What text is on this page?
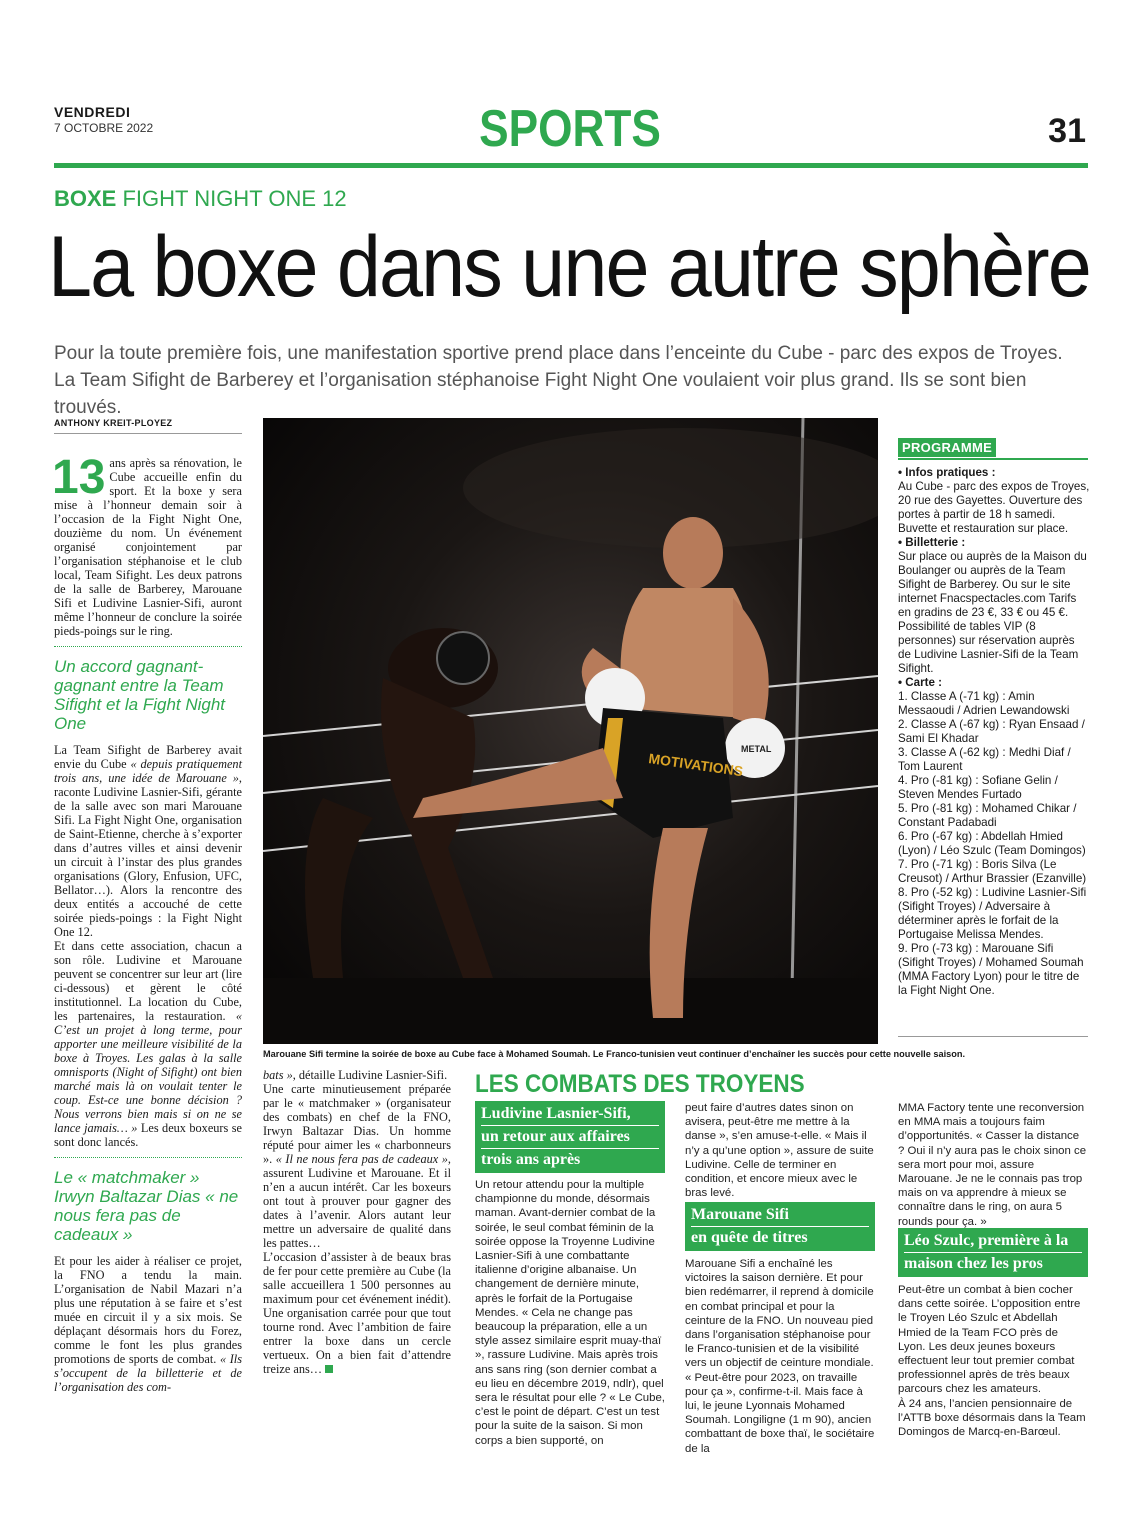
VENDREDI
7 OCTOBRE 2022	SPORTS	31
BOXE FIGHT NIGHT ONE 12
La boxe dans une autre sphère
Pour la toute première fois, une manifestation sportive prend place dans l’enceinte du Cube - parc des expos de Troyes.
La Team Sifight de Barberey et l’organisation stéphanoise Fight Night One voulaient voir plus grand. Ils se sont bien trouvés.
ANTHONY KREIT-PLOYEZ

13 ans après sa rénovation, le Cube accueille enfin du sport. Et la boxe y sera mise à l’honneur demain soir à l’occasion de la Fight Night One, douzième du nom. Un événement organisé conjointement par l’organisation stéphanoise et le club local, Team Sifight. Les deux patrons de la salle de Barberey, Marouane Sifi et Ludivine Lasnier-Sifi, auront même l’honneur de conclure la soirée pieds-poings sur le ring.

Un accord gagnant-gagnant entre la Team Sifight et la Fight Night One

La Team Sifight de Barberey avait envie du Cube « depuis pratiquement trois ans, une idée de Marouane », raconte Ludivine Lasnier-Sifi, gérante de la salle avec son mari Marouane Sifi. La Fight Night One, organisation de Saint-Etienne, cherche à s’exporter dans d’autres villes et ainsi devenir un circuit à l’instar des plus grandes organisations (Glory, Enfusion, UFC, Bellator…). Alors la rencontre des deux entités a accouché de cette soirée pieds-poings : la Fight Night One 12.

Et dans cette association, chacun a son rôle. Ludivine et Marouane peuvent se concentrer sur leur art (lire ci-dessous) et gèrent le côté institutionnel. La location du Cube, les partenaires, la restauration. « C’est un projet à long terme, pour apporter une meilleure visibilité de la boxe à Troyes. Les galas à la salle omnisports (Night of Sifight) ont bien marché mais là on voulait tenter le coup. Est-ce une bonne décision ? Nous verrons bien mais si on ne se lance jamais… » Les deux boxeurs se sont donc lancés.

Le « matchmaker » Irwyn Baltazar Dias « ne nous fera pas de cadeaux »

Et pour les aider à réaliser ce projet, la FNO a tendu la main. L’organisation de Nabil Mazari n’a plus une réputation à se faire et s’est muée en circuit il y a six mois. Se déplaçant désormais hors du Forez, comme le font les plus grandes promotions de sports de combat. « Ils s’occupent de la billetterie et de l’organisation des com-

METAL
MOTIVATIONS
Marouane Sifi termine la soirée de boxe au Cube face à Mohamed Soumah. Le Franco-tunisien veut continuer d’enchaîner les succès pour cette nouvelle saison.
PROGRAMME
• Infos pratiques :
Au Cube - parc des expos de Troyes, 20 rue des Gayettes. Ouverture des portes à partir de 18 h samedi. Buvette et restauration sur place.
• Billetterie :
Sur place ou auprès de la Maison du Boulanger ou auprès de la Team Sifight de Barberey. Ou sur le site internet Fnacspectacles.com Tarifs en gradins de 23 €, 33 € ou 45 €. Possibilité de tables VIP (8 personnes) sur réservation auprès de Ludivine Lasnier-Sifi de la Team Sifight.
• Carte :
1. Classe A (-71 kg) : Amin Messaoudi / Adrien Lewandowski
2. Classe A (-67 kg) : Ryan Ensaad / Sami El Khadar
3. Classe A (-62 kg) : Medhi Diaf / Tom Laurent
4. Pro (-81 kg) : Sofiane Gelin / Steven Mendes Furtado
5. Pro (-81 kg) : Mohamed Chikar / Constant Padabadi
6. Pro (-67 kg) : Abdellah Hmied (Lyon) / Léo Szulc (Team Domingos)
7. Pro (-71 kg) : Boris Silva (Le Creusot) / Arthur Brassier (Ezanville)
8. Pro (-52 kg) : Ludivine Lasnier-Sifi (Sifight Troyes) / Adversaire à déterminer après le forfait de la Portugaise Melissa Mendes.
9. Pro (-73 kg) : Marouane Sifi (Sifight Troyes) / Mohamed Soumah (MMA Factory Lyon) pour le titre de la Fight Night One.

bats », détaille Ludivine Lasnier-Sifi.

Une carte minutieusement préparée par le « matchmaker » (organisateur des combats) en chef de la FNO, Irwyn Baltazar Dias. Un homme réputé pour aimer les « charbonneurs ». « Il ne nous fera pas de cadeaux », assurent Ludivine et Marouane. Et il n’en a aucun intérêt. Car les boxeurs ont tout à prouver pour gagner des dates à l’avenir. Alors autant leur mettre un adversaire de qualité dans les pattes…

L’occasion d’assister à de beaux bras de fer pour cette première au Cube (la salle accueillera 1 500 personnes au maximum pour cet événement inédit). Une organisation carrée pour que tout tourne rond. Avec l’ambition de faire entrer la boxe dans un cercle vertueux. On a bien fait d’attendre treize ans…

LES COMBATS DES TROYENS
Ludivine Lasnier-Sifi,
un retour aux affaires
trois ans après
Un retour attendu pour la multiple championne du monde, désormais maman. Avant-dernier combat de la soirée, le seul combat féminin de la soirée oppose la Troyenne Ludivine Lasnier-Sifi à une combattante italienne d’origine albanaise. Un changement de dernière minute, après le forfait de la Portugaise Mendes. « Cela ne change pas beaucoup la préparation, elle a un style assez similaire esprit muay-thaï », rassure Ludivine. Mais après trois ans sans ring (son dernier combat a eu lieu en décembre 2019, ndlr), quel sera le résultat pour elle ? « Le Cube, c’est le point de départ. C’est un test pour la suite de la saison. Si mon corps a bien supporté, on
peut faire d’autres dates sinon on avisera, peut-être me mettre à la danse », s’en amuse-t-elle. « Mais il n’y a qu’une option », assure de suite Ludivine. Celle de terminer en condition, et encore mieux avec le bras levé.
Marouane Sifi
en quête de titres
Marouane Sifi a enchaîné les victoires la saison dernière. Et pour bien redémarrer, il reprend à domicile en combat principal et pour la ceinture de la FNO. Un nouveau pied dans l’organisation stéphanoise pour le Franco-tunisien et de la visibilité vers un objectif de ceinture mondiale. « Peut-être pour 2023, on travaille pour ça », confirme-t-il. Mais face à lui, le jeune Lyonnais Mohamed Soumah. Longiligne (1 m 90), ancien combattant de boxe thaï, le sociétaire de la
MMA Factory tente une reconversion en MMA mais a toujours faim d’opportunités. « Casser la distance ? Oui il n’y aura pas le choix sinon ce sera mort pour moi, assure Marouane. Je ne le connais pas trop mais on va apprendre à mieux se connaître dans le ring, on aura 5 rounds pour ça. »
Léo Szulc, première à la
maison chez les pros
Peut-être un combat à bien cocher dans cette soirée. L’opposition entre le Troyen Léo Szulc et Abdellah Hmied de la Team FCO près de Lyon. Les deux jeunes boxeurs effectuent leur tout premier combat professionnel après de très beaux parcours chez les amateurs.
À 24 ans, l’ancien pensionnaire de l’ATTB boxe désormais dans la Team Domingos de Marcq-en-Barœul.
